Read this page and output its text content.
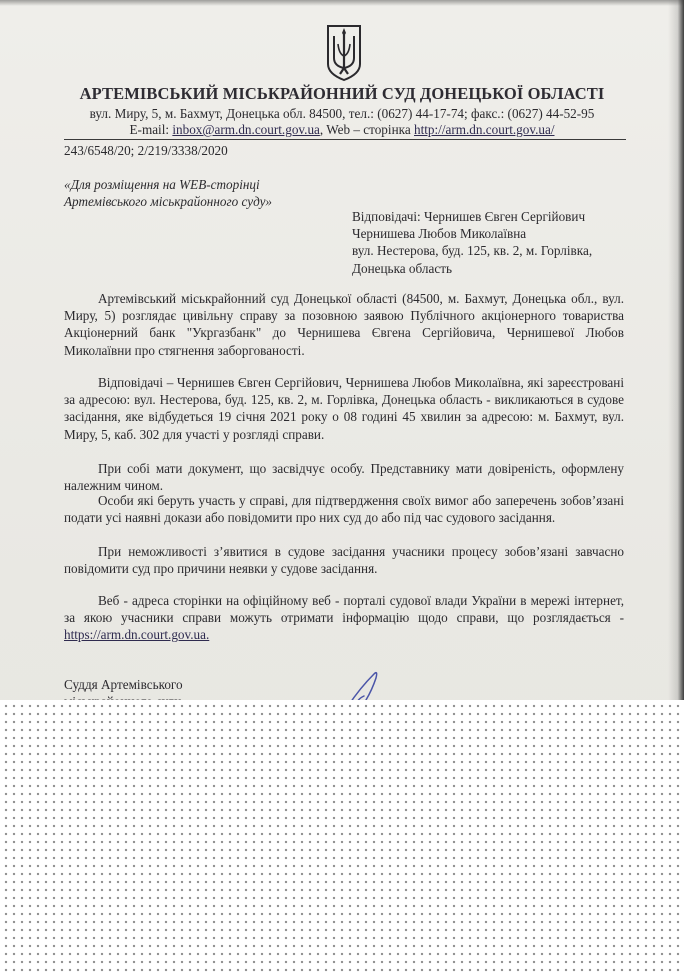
АРТЕМІВСЬКИЙ МІСЬКРАЙОННИЙ СУД ДОНЕЦЬКОЇ ОБЛАСТІ
вул. Миру, 5, м. Бахмут, Донецька обл. 84500, тел.: (0627) 44-17-74; факс.: (0627) 44-52-95
E-mail: inbox@arm.dn.court.gov.ua, Web – сторінка http://arm.dn.court.gov.ua/
243/6548/20; 2/219/3338/2020
«Для розміщення на WEB-сторінці
Артемівського міськрайонного суду»
Відповідачі: Чернишев Євген Сергійович
Чернишева Любов Миколаївна
вул. Нестерова, буд. 125, кв. 2, м. Горлівка,
Донецька область
Артемівський міськрайонний суд Донецької області (84500, м. Бахмут, Донецька обл., вул. Миру, 5) розглядає цивільну справу за позовною заявою Публічного акціонерного товариства Акціонерний банк "Укргазбанк" до Чернишева Євгена Сергійовича, Чернишевої Любов Миколаївни про стягнення заборгованості.
Відповідачі – Чернишев Євген Сергійович, Чернишева Любов Миколаївна, які зареєстровані за адресою: вул. Нестерова, буд. 125, кв. 2, м. Горлівка, Донецька область - викликаються в судове засідання, яке відбудеться 19 січня 2021 року о 08 годині 45 хвилин за адресою: м. Бахмут, вул. Миру, 5, каб. 302 для участі у розгляді справи.
При собі мати документ, що засвідчує особу. Представнику мати довіреність, оформлену належним чином.
Особи які беруть участь у справі, для підтвердження своїх вимог або заперечень зобов’язані подати усі наявні докази або повідомити про них суд до або під час судового засідання.
При неможливості з’явитися в судове засідання учасники процесу зобов’язані завчасно повідомити суд про причини неявки у судове засідання.
Веб - адреса сторінки на офіційному веб - порталі судової влади України в мережі інтернет, за якою учасники справи можуть отримати інформацію щодо справи, що розглядається - https://arm.dn.court.gov.ua.
Суддя Артемівського
